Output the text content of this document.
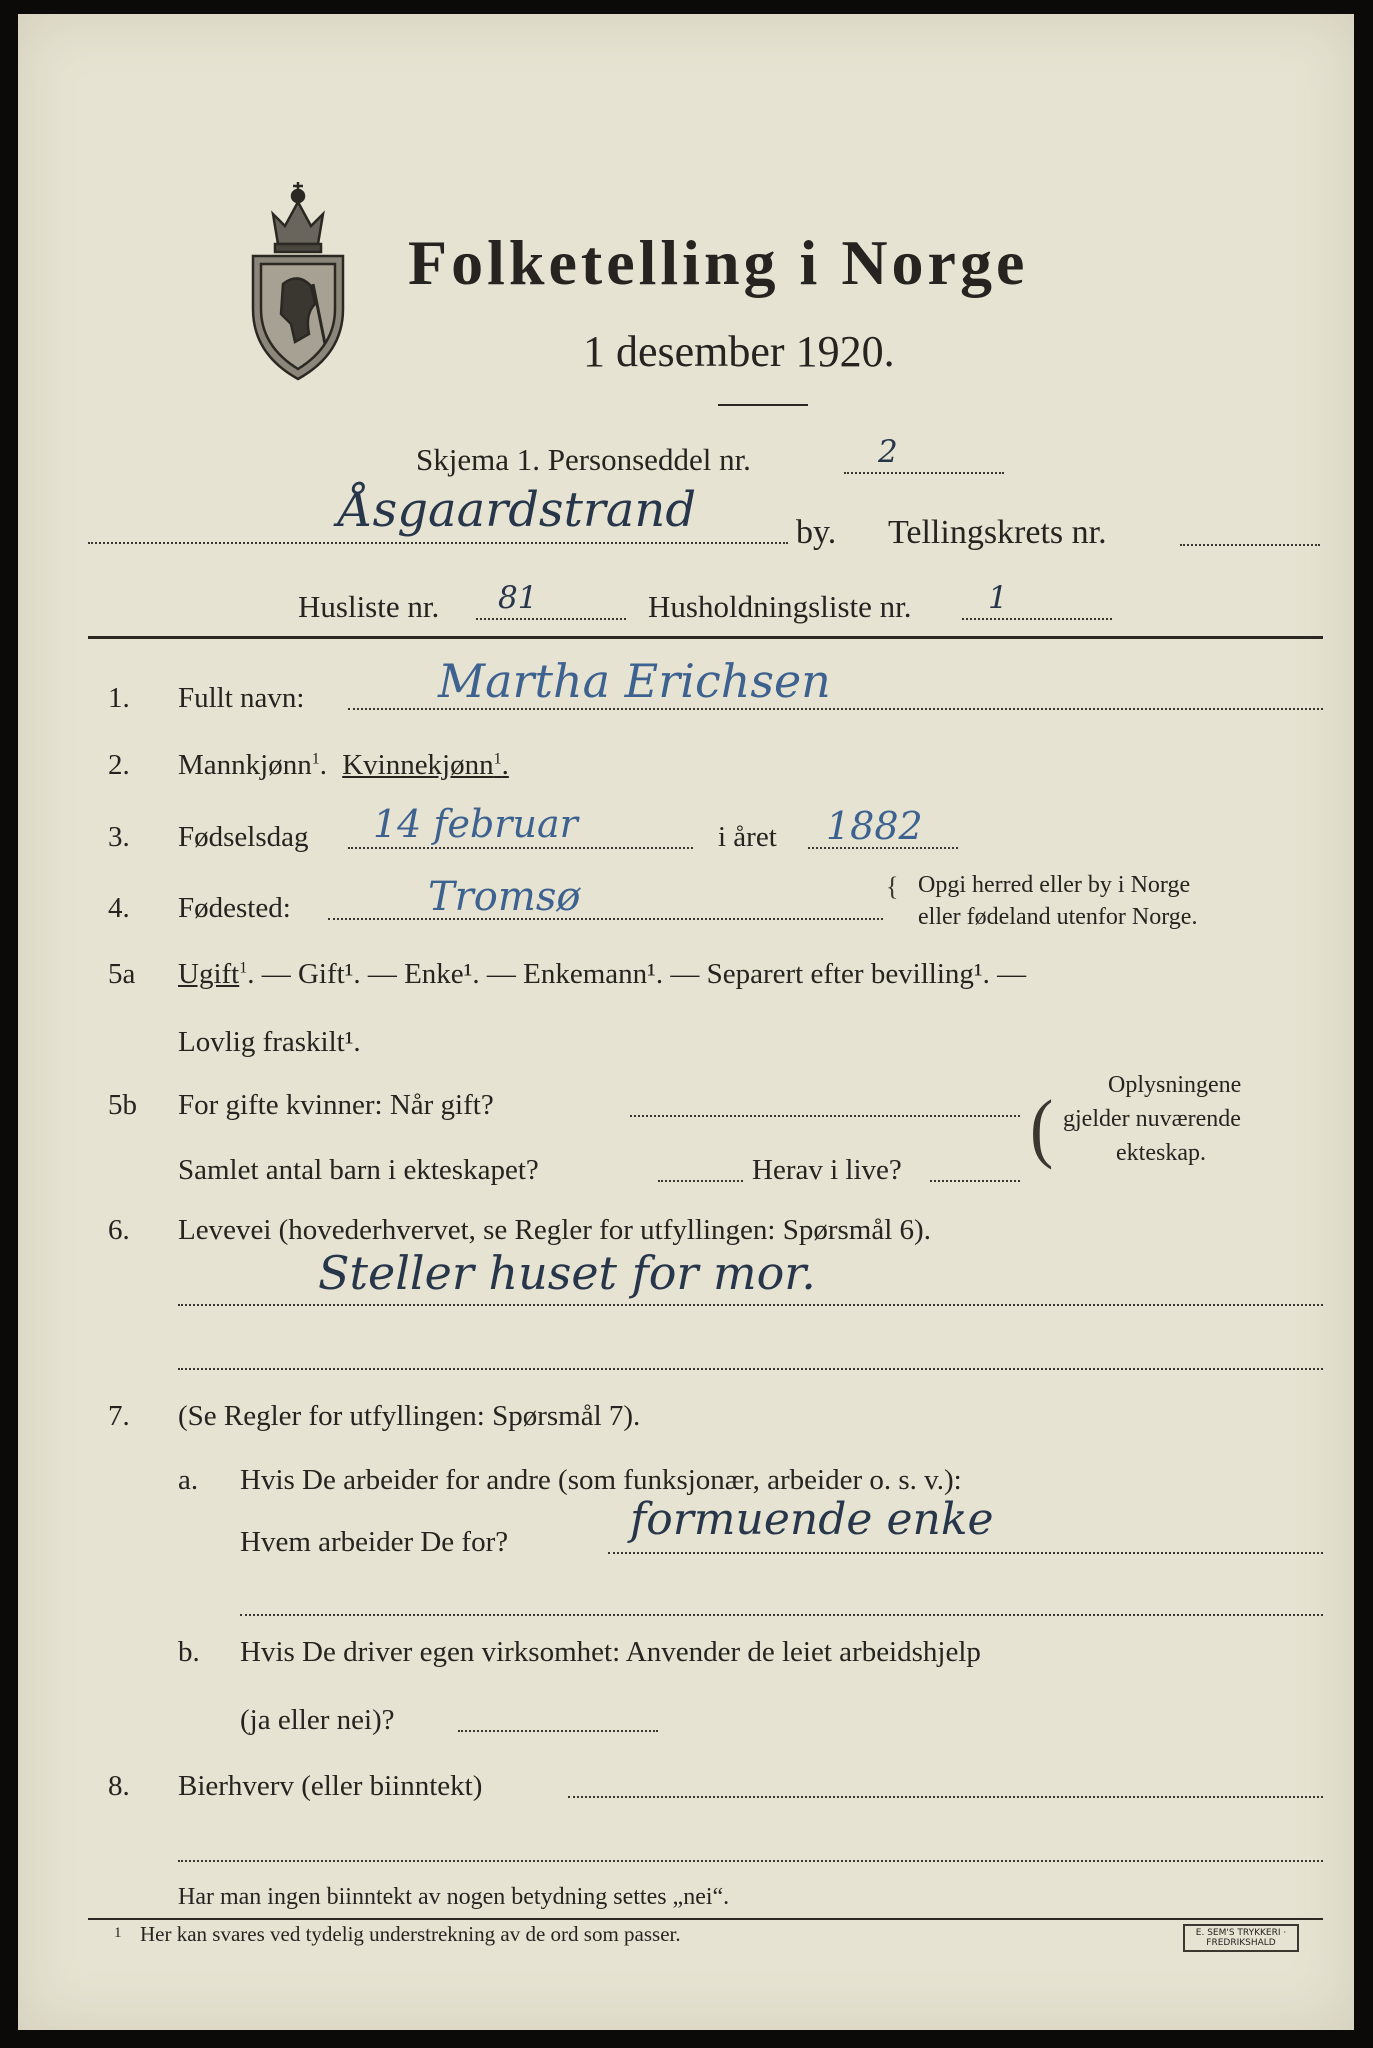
Folketelling i Norge
1 desember 1920.
Skjema 1. Personseddel nr.	2
Åsgaardstrand	by. Tellingskrets nr.
Husliste nr. 81	Husholdningsliste nr. 1
1. Fullt navn:	Martha Erichsen
2. Mannkjønn$^1$. Kvinnekjønn$^1$.
3. Fødselsdag 14 februar	i året 1882
4. Fødested:	Tromsø	{ Opgi herred eller by i Norge
eller fødeland utenfor Norge.
5a Ugift$^1$. — Gift¹. — Enke¹. — Enkemann¹. — Separert efter bevilling¹. —
Lovlig fraskilt¹.
5b For gifte kvinner: Når gift?
Samlet antal barn i ekteskapet?	Herav i live? (
Oplysningene
gjelder nuværende
ekteskap.
6. Levevei (hovederhvervet, se Regler for utfyllingen: Spørsmål 6).
Steller huset for mor.
7. (Se Regler for utfyllingen: Spørsmål 7).
a. Hvis De arbeider for andre (som funksjonær, arbeider o. s. v.):
Hvem arbeider De for?	formuende enke
b. Hvis De driver egen virksomhet: Anvender de leiet arbeidshjelp
(ja eller nei)?
8. Bierhverv (eller biinntekt)
Har man ingen biinntekt av nogen betydning settes „nei“.
1 Her kan svares ved tydelig understrekning av de ord som passer.	E. SEM'S TRYKKERI · FREDRIKSHALD
